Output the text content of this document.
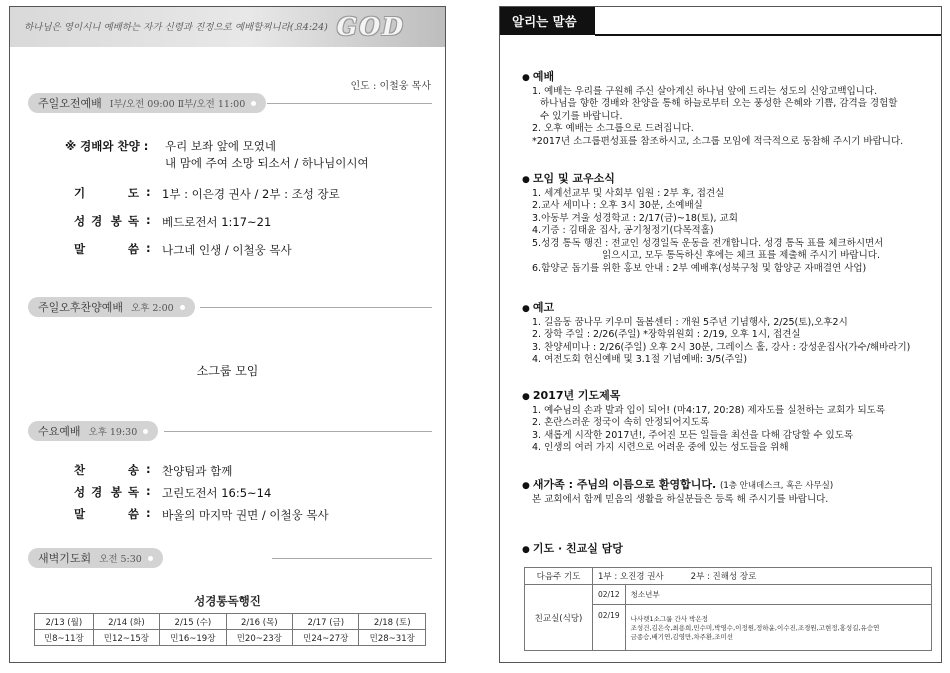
하나님은 영이시니 예배하는 자가 신령과 진정으로 예배할찌니라(요4:24) GOD
인도 : 이철웅 목사
주일오전예배 Ⅰ부/오전 09:00 Ⅱ부/오전 11:00
※ 경배와 찬양 :	우리 보좌 앞에 모였네
내 맘에 주여 소망 되소서 / 하나님이시여
기	도 : 1부 : 이은경 권사 / 2부 : 조성 장로
성 경 봉 독 : 베드로전서 1:17~21
말	씀 : 나그네 인생 / 이철웅 목사
주일오후찬양예배 오후 2:00
소그룹 모임
수요예배 오후 19:30
찬	송 : 찬양팀과 함께
성 경 봉 독 : 고린도전서 16:5~14
말	씀 : 바울의 마지막 권면 / 이철웅 목사
새벽기도회 오전 5:30
성경통독행진
2/13 (월)	2/14 (화)	2/15 (수)	2/16 (목)	2/17 (금)	2/18 (토)
민8~11장	민12~15장	민16~19장	민20~23장	민24~27장	민28~31장
알리는 말씀
● 예배
1. 예배는 우리를 구원해 주신 살아계신 하나님 앞에 드리는 성도의 신앙고백입니다.
하나님을 향한 경배와 찬양을 통해 하늘로부터 오는 풍성한 은혜와 기쁨, 감격을 경험할
수 있기를 바랍니다.
2. 오후 예배는 소그룹으로 드려집니다.
*2017년 소그룹편성표를 참조하시고, 소그룹 모임에 적극적으로 동참해 주시기 바랍니다.
● 모임 및 교우소식
1. 세계선교부 및 사회부 임원 : 2부 후, 접견실
2.교사 세미나 : 오후 3시 30분, 소예배실
3.아동부 겨울 성경학교 : 2/17(금)~18(토), 교회
4.기증 : 김태윤 집사, 공기청정기(다목적홀)
5.성경 통독 행진 : 전교인 성경일독 운동을 전개합니다. 성경 통독 표를 체크하시면서
읽으시고, 모두 통독하신 후에는 체크 표를 제출해 주시기 바랍니다.
6.함양군 돕기를 위한 홍보 안내 : 2부 예배후(성북구청 및 함양군 자매결연 사업)
● 예고
1. 길음동 꿈나무 키우미 돌봄센터 : 개원 5주년 기념행사, 2/25(토),오후2시
2. 장학 주일 : 2/26(주일) *장학위원회 : 2/19, 오후 1시, 접견실
3. 찬양세미나 : 2/26(주일) 오후 2시 30분, 그레이스 홀, 강사 : 강성운집사(가수/해바라기)
4. 여전도회 헌신예배 및 3.1절 기념예배: 3/5(주일)
● 2017년 기도제목
1. 예수님의 손과 발과 입이 되어! (마4:17, 20:28) 제자도를 실천하는 교회가 되도록
2. 혼란스러운 정국이 속히 안정되어지도록
3. 새롭게 시작한 2017년!, 주어진 모든 일들을 최선을 다해 감당할 수 있도록
4. 인생의 여러 가지 시련으로 어려운 중에 있는 성도들을 위해
● 새가족 : 주님의 이름으로 환영합니다. (1층 안내데스크, 혹은 사무실)
본 교회에서 함께 믿음의 생활을 하실분들은 등록 해 주시기를 바랍니다.
● 기도 · 친교실 담당
다음주 기도	1부 : 오진경 권사          2부 : 진해성 장로	
친교실(식당)	02/12	청소년부
	02/19	나사렛1소그룹 간사 박은정
조성건,김은숙,최용희,민수미,박영수,이정원,정하윤,이수진,조경원,고현정,홍성길,유승연
금종승,배기연,김영만,차주환,조미선
